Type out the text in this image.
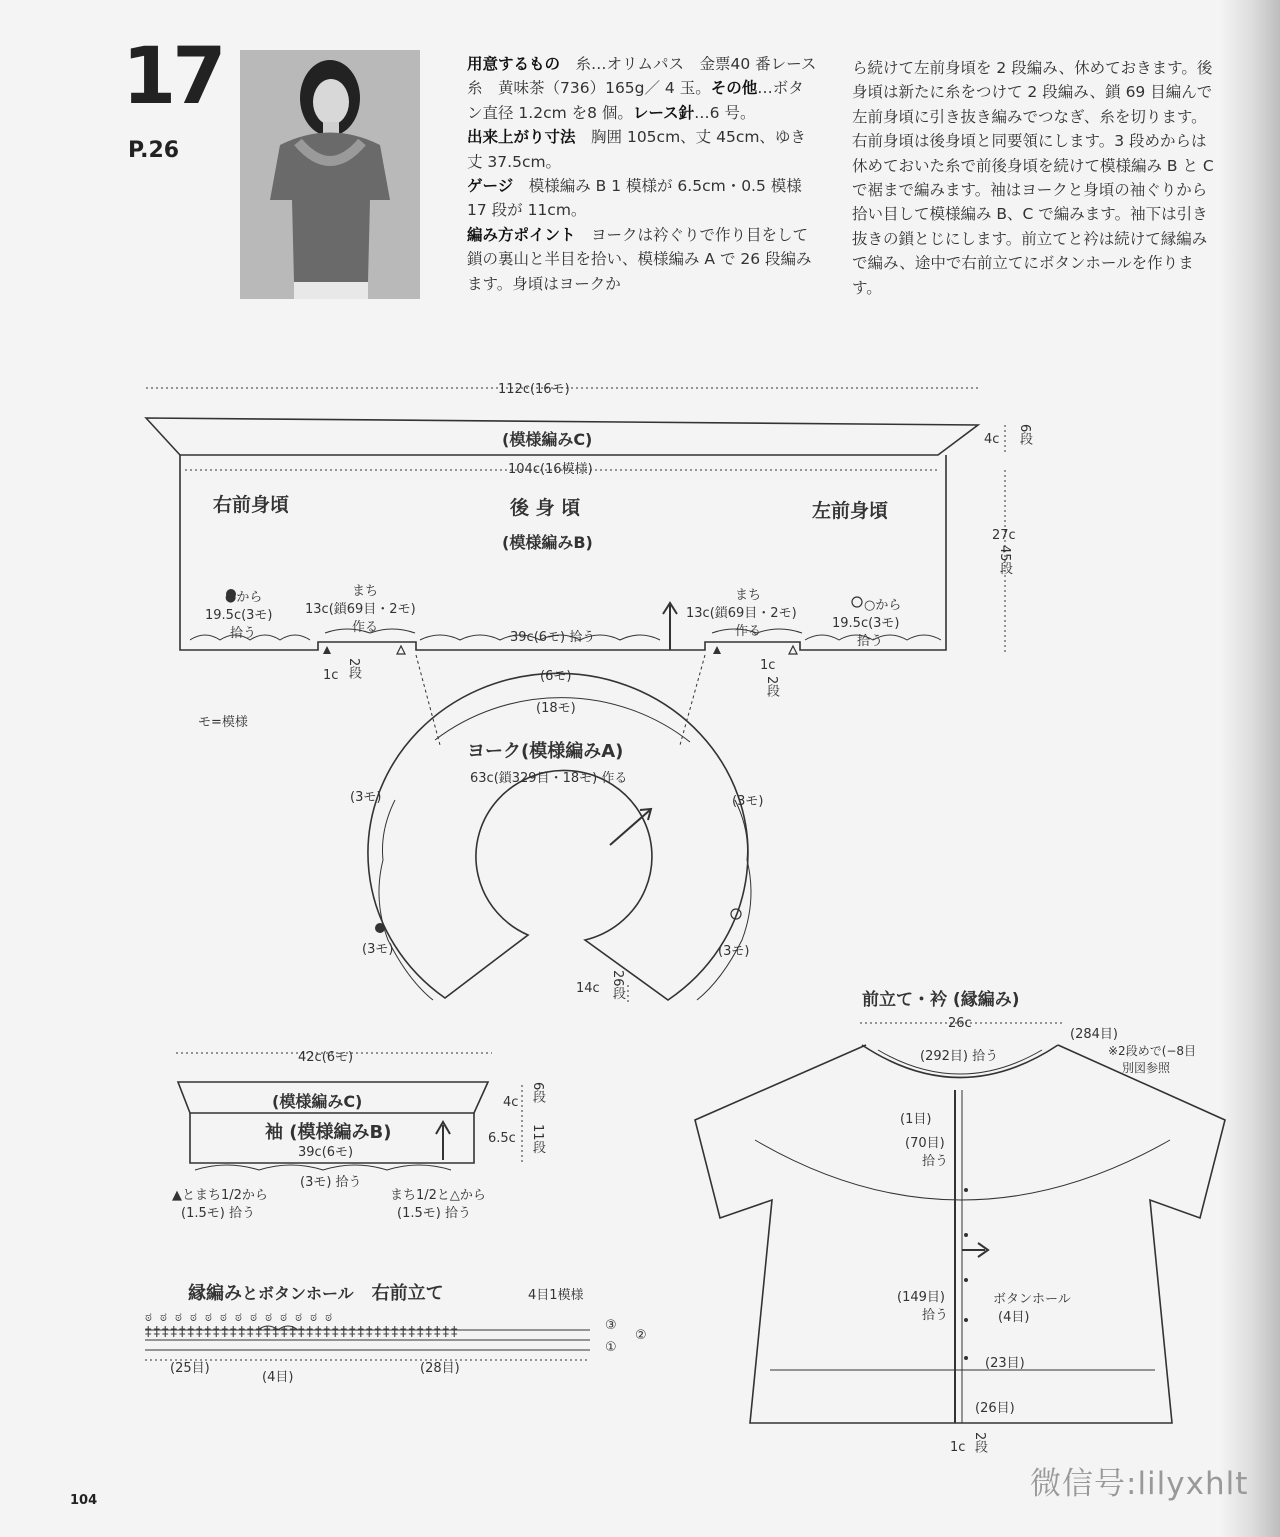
17
P.26

用意するもの　 糸…オリムパス　金票40 番レース糸　黄味茶（736）165g／ 4 玉。その他…ボタン直径 1.2cm を8 個。レース針…6 号。

出来上がり寸法　 胸囲 105cm、丈 45cm、ゆき丈 37.5cm。

ゲージ　 模様編み B 1 模様が 6.5cm・0.5 模様 17 段が 11cm。

編み方ポイント　 ヨークは衿ぐりで作り目をして鎖の裏山と半目を拾い、模様編み A で 26 段編みます。身頃はヨークか

ら続けて左前身頃を 2 段編み、休めておきます。後身頃は新たに糸をつけて 2 段編み、鎖 69 目編んで左前身頃に引き抜き編みでつなぎ、糸を切ります。右前身頃は後身頃と同要領にします。3 段めからは休めておいた糸で前後身頃を続けて模様編み B と Cで裾まで編みます。袖はヨークと身頃の袖ぐりから拾い目して模様編み B、C で編みます。袖下は引き抜きの鎖とじにします。前立てと衿は続けて縁編みで編み、途中で右前立てにボタンホールを作ります。
112c(16モ)
(模様編みC)
104c(16模様)
右前身頃	後 身 頃
(模様編みB)
左前身頃
4c 6段
27c
45段
●から
19.5c(3モ)
拾う
まち
13c(鎖69目・2モ)
作る
39c(6モ) 拾う
まち
13c(鎖69目・2モ)
作る
○から
19.5c(3モ)
拾う
1c 2段	1c
2段
モ=模様
(6モ)
(18モ)
ヨーク(模様編みA)
63c(鎖329目・18モ) 作る
(3モ)	(3モ)
(3モ)	(3モ)
14c 26段
42c(6モ)
(模様編みC)
袖 (模様編みB)
39c(6モ)
4c 6段
6.5c 11段
▲とまち1/2から
(1.5モ) 拾う
(3モ) 拾う
まち1/2と△から
(1.5モ) 拾う
縁編みとボタンホール　 右前立て	4目1模様
ಠ ಠ ಠ ಠ ಠ ಠ ಠ ಠ ಠ ಠ ಠ ಠ ಠ
‡‡‡‡‡‡‡‡‡‡‡‡‡‡‡‡‡‡‡‡‡‡‡‡‡‡‡‡‡‡‡‡‡‡‡‡‡	③
②
①
(25目)
(4目)
(28目)
前立て・衿 (縁編み)
26c
(284目)
(292目) 拾う	※2段めで(−8目
別図参照
(1目)
(70目)
拾う
(149目)
拾う
ボタンホール
(4目)
(23目)
(26目)
1c 2段
104	微信号:lilyxhlt
